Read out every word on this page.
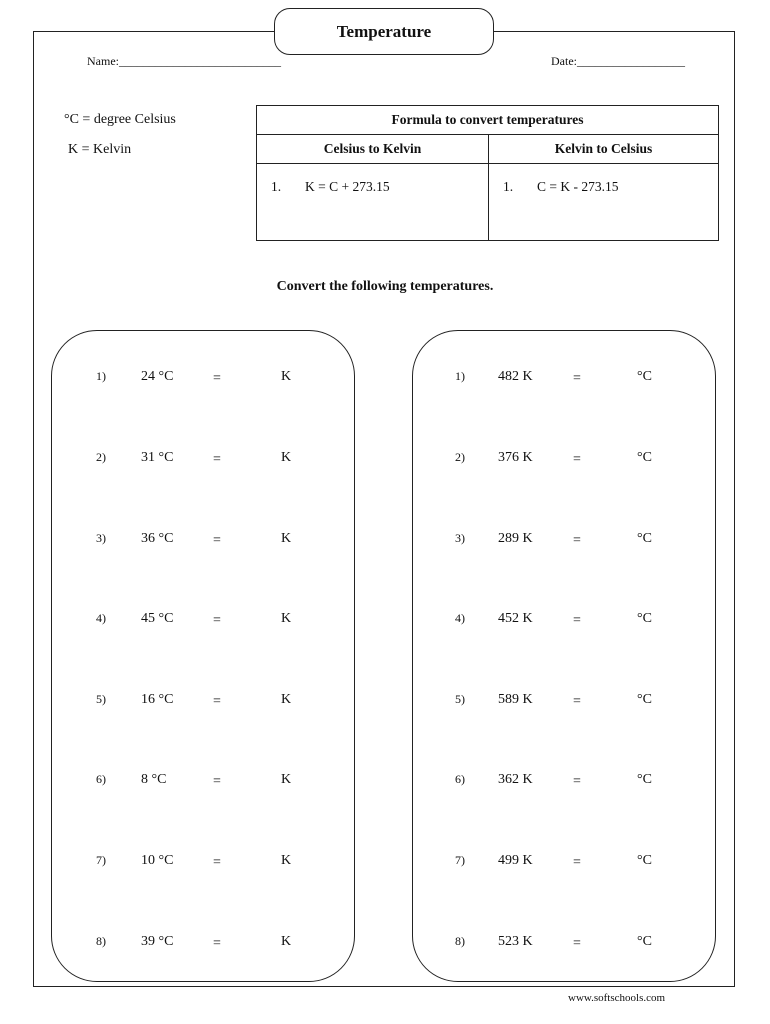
Temperature
Name:___________________________	Date:__________________
°C = degree Celsius
K = Kelvin
Formula to convert temperatures	
Celsius to Kelvin	Kelvin to Celsius
1. K = C + 273.15	1. C = K - 273.15
Convert the following temperatures.
1)	24 °C	=	K
2)	31 °C	=	K
3)	36 °C	=	K
4)	45 °C	=	K
5)	16 °C	=	K
6)	8 °C	=	K
7)	10 °C	=	K
8)	39 °C	=	K
1) 482 K	=	°C
2) 376 K	=	°C
3) 289 K	=	°C
4) 452 K	=	°C
5) 589 K	=	°C
6) 362 K	=	°C
7) 499 K	=	°C
8) 523 K	=	°C
www.softschools.com
